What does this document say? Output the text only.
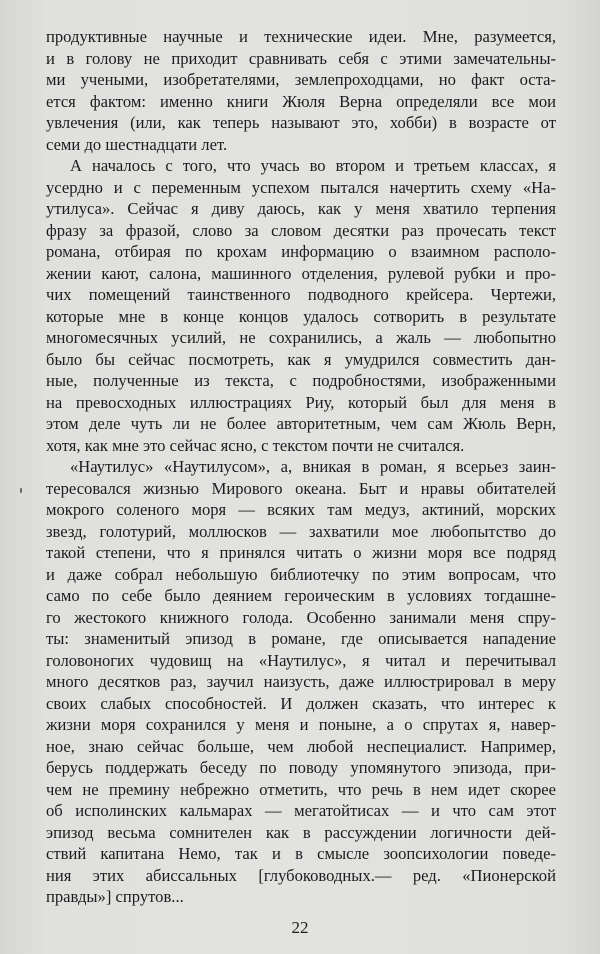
продуктивные научные и технические идеи. Мне, разумеется,
и в голову не приходит сравнивать себя с этими замечательны-
ми учеными, изобретателями, землепроходцами, но факт оста-
ется фактом: именно книги Жюля Верна определяли все мои
увлечения (или, как теперь называют это, хобби) в возрасте от
семи до шестнадцати лет.
А началось с того, что учась во втором и третьем классах, я
усердно и с переменным успехом пытался начертить схему «На-
утилуса». Сейчас я диву даюсь, как у меня хватило терпения
фразу за фразой, слово за словом десятки раз прочесать текст
романа, отбирая по крохам информацию о взаимном располо-
жении кают, салона, машинного отделения, рулевой рубки и про-
чих помещений таинственного подводного крейсера. Чертежи,
которые мне в конце концов удалось сотворить в результате
многомесячных усилий, не сохранились, а жаль — любопытно
было бы сейчас посмотреть, как я умудрился совместить дан-
ные, полученные из текста, с подробностями, изображенными
на превосходных иллюстрациях Риу, который был для меня в
этом деле чуть ли не более авторитетным, чем сам Жюль Верн,
хотя, как мне это сейчас ясно, с текстом почти не считался.
«Наутилус» «Наутилусом», а, вникая в роман, я всерьез заин-
тересовался жизнью Мирового океана. Быт и нравы обитателей
мокрого соленого моря — всяких там медуз, актиний, морских
звезд, голотурий, моллюсков — захватили мое любопытство до
такой степени, что я принялся читать о жизни моря все подряд
и даже собрал небольшую библиотечку по этим вопросам, что
само по себе было деянием героическим в условиях тогдашне-
го жестокого книжного голода. Особенно занимали меня спру-
ты: знаменитый эпизод в романе, где описывается нападение
головоногих чудовищ на «Наутилус», я читал и перечитывал
много десятков раз, заучил наизусть, даже иллюстрировал в меру
своих слабых способностей. И должен сказать, что интерес к
жизни моря сохранился у меня и поныне, а о спрутах я, навер-
ное, знаю сейчас больше, чем любой неспециалист. Например,
берусь поддержать беседу по поводу упомянутого эпизода, при-
чем не премину небрежно отметить, что речь в нем идет скорее
об исполинских кальмарах — мегатойтисах — и что сам этот
эпизод весьма сомнителен как в рассуждении логичности дей-
ствий капитана Немо, так и в смысле зоопсихологии поведе-
ния этих абиссальных [глубоководных.— ред. «Пионерской
правды»] спрутов...
22
